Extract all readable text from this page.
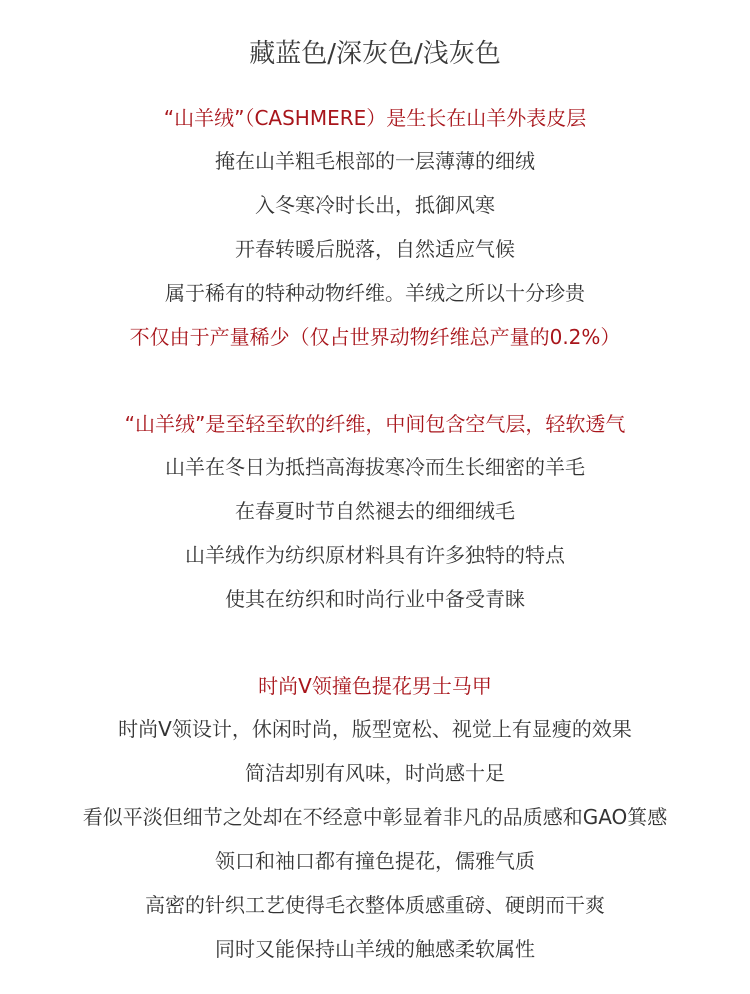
藏蓝色/深灰色/浅灰色
“山羊绒”（CASHMERE）是生长在山羊外表皮层
掩在山羊粗毛根部的一层薄薄的细绒
入冬寒冷时长出，抵御风寒
开春转暖后脱落，自然适应气候
属于稀有的特种动物纤维。羊绒之所以十分珍贵
不仅由于产量稀少（仅占世界动物纤维总产量的0.2%）
“山羊绒”是至轻至软的纤维，中间包含空气层，轻软透气
山羊在冬日为抵挡高海拔寒冷而生长细密的羊毛
在春夏时节自然褪去的细细绒毛
山羊绒作为纺织原材料具有许多独特的特点
使其在纺织和时尚行业中备受青睐
时尚V领撞色提花男士马甲
时尚V领设计，休闲时尚，版型宽松、视觉上有显瘦的效果
简洁却别有风味，时尚感十足
看似平淡但细节之处却在不经意中彰显着非凡的品质感和GAO箕感
领口和袖口都有撞色提花，儒雅气质
高密的针织工艺使得毛衣整体质感重磅、硬朗而干爽
同时又能保持山羊绒的触感柔软属性
